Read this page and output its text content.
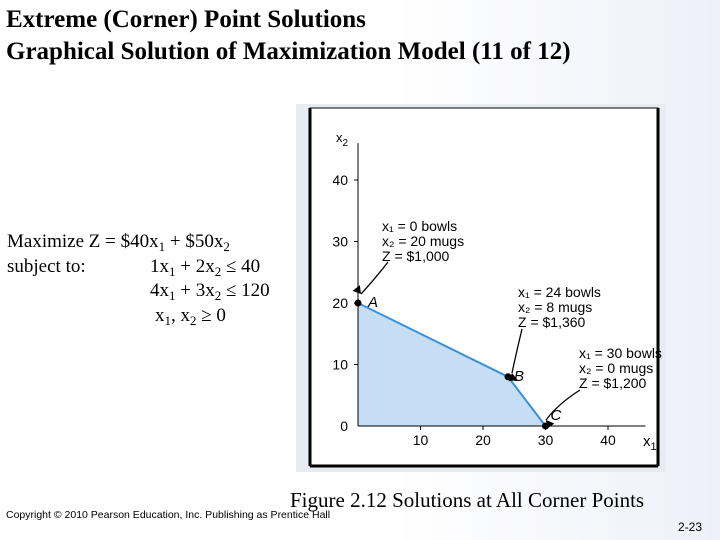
Extreme (Corner) Point Solutions
Graphical Solution of Maximization Model (11 of 12)
$x_2$
$x_1$
0
10
20
30
40
10	20	30	40
x₁ = 0 bowls
x₂ = 20 mugs
Z = $1,000
x₁ = 24 bowls
x₂ = 8 mugs
Z = $1,360
x₁ = 30 bowls
x₂ = 0 mugs
Z = $1,200
A
B
C
Maximize $Z = \$40x_1$ + $\$50x_2$
subject to:	$1x_1 + 2x_2 \le 40$
$4x_1 + 3x_2 \le 120$
$x_1$, $x_2 \ge 0$
Figure 2.12 Solutions at All Corner Points
Copyright © 2010 Pearson Education, Inc. Publishing as Prentice Hall
2-23
